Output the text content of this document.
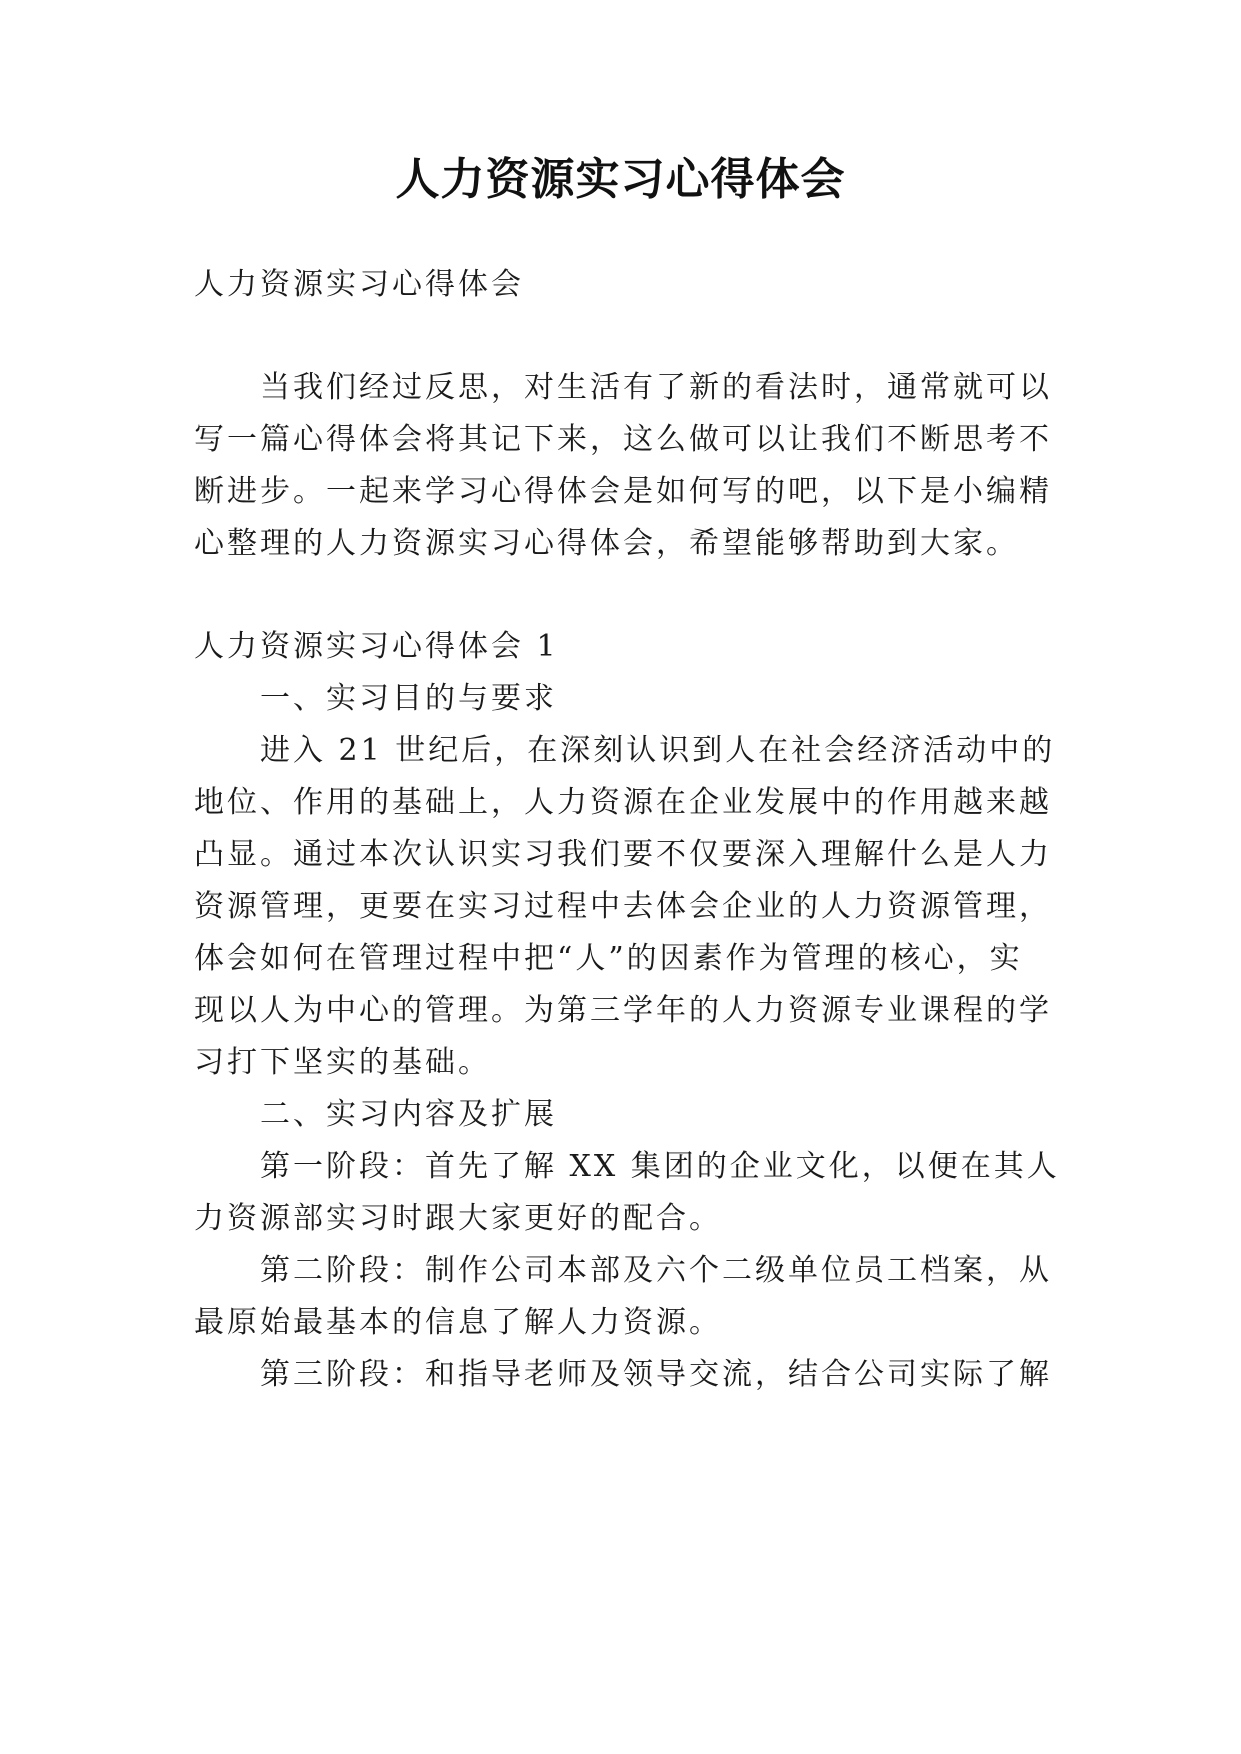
人力资源实习心得体会
人力资源实习心得体会
当我们经过反思，对生活有了新的看法时，通常就可以
写一篇心得体会将其记下来，这么做可以让我们不断思考不
断进步。一起来学习心得体会是如何写的吧，以下是小编精
心整理的人力资源实习心得体会，希望能够帮助到大家。
人力资源实习心得体会 1
一、实习目的与要求
进入 21 世纪后，在深刻认识到人在社会经济活动中的
地位、作用的基础上，人力资源在企业发展中的作用越来越
凸显。通过本次认识实习我们要不仅要深入理解什么是人力
资源管理，更要在实习过程中去体会企业的人力资源管理，
体会如何在管理过程中把“人”的因素作为管理的核心，实
现以人为中心的管理。为第三学年的人力资源专业课程的学
习打下坚实的基础。
二、实习内容及扩展
第一阶段：首先了解 XX 集团的企业文化，以便在其人
力资源部实习时跟大家更好的配合。
第二阶段：制作公司本部及六个二级单位员工档案，从
最原始最基本的信息了解人力资源。
第三阶段：和指导老师及领导交流，结合公司实际了解
